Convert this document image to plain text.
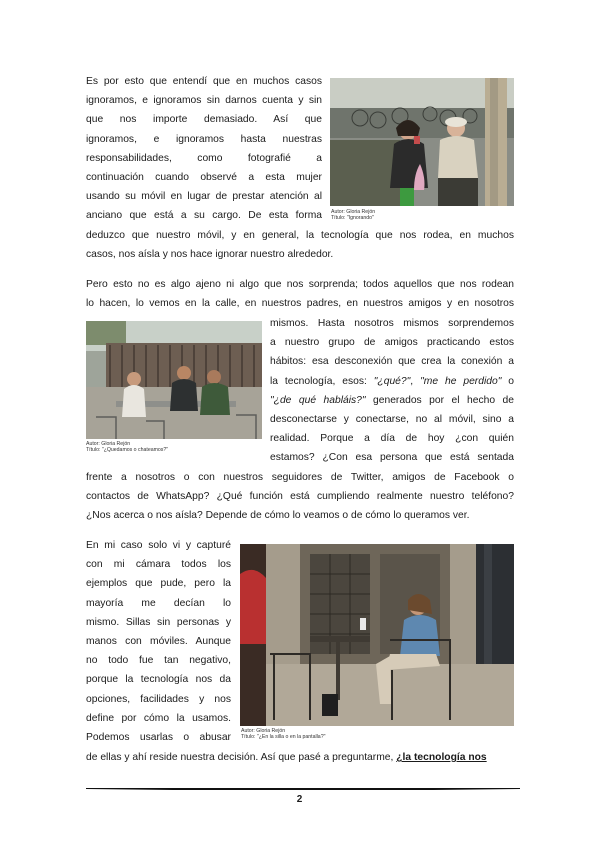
Es por esto que entendí que en muchos casos
ignoramos, e ignoramos sin darnos cuenta y sin
que nos importe demasiado. Así que
ignoramos, e ignoramos hasta nuestras
responsabilidades, como fotografié a
continuación cuando observé a esta mujer
usando su móvil en lugar de prestar atención al
anciano que está a su cargo. De esta forma
deduzco que nuestro móvil, y en general, la tecnología que nos rodea, en muchos
casos, nos aísla y nos hace ignorar nuestro alrededor.
Autor: Gloria Rejón
Título: "Ignorando"
Pero esto no es algo ajeno ni algo que nos sorprenda; todos aquellos que nos rodean
lo hacen, lo vemos en la calle, en nuestros padres, en nuestros amigos y en nosotros
Autor: Gloria Rejón
Título: "¿Quedamos o chateamos?"
mismos. Hasta nosotros mismos sorprendemos
a nuestro grupo de amigos practicando estos
hábitos: esa desconexión que crea la conexión a
la tecnología, esos: "¿qué?", "me he perdido" o
"¿de qué habláis?" generados por el hecho de
desconectarse y conectarse, no al móvil, sino a
realidad. Porque a día de hoy ¿con quién
estamos? ¿Con esa persona que está sentada
frente a nosotros o con nuestros seguidores de Twitter, amigos de Facebook o
contactos de WhatsApp? ¿Qué función está cumpliendo realmente nuestro teléfono?
¿Nos acerca o nos aísla? Depende de cómo lo veamos o de cómo lo queramos ver.
En mi caso solo vi y capturé
con mi cámara todos los
ejemplos que pude, pero la
mayoría me decían lo
mismo. Sillas sin personas y
manos con móviles. Aunque
no todo fue tan negativo,
porque la tecnología nos da
opciones, facilidades y nos
define por cómo la usamos.
Podemos usarlas o abusar
Autor: Gloria Rejón
Título: "¿En la silla o en la pantalla?"
de ellas y ahí reside nuestra decisión. Así que pasé a preguntarme, ¿la tecnología nos
2
